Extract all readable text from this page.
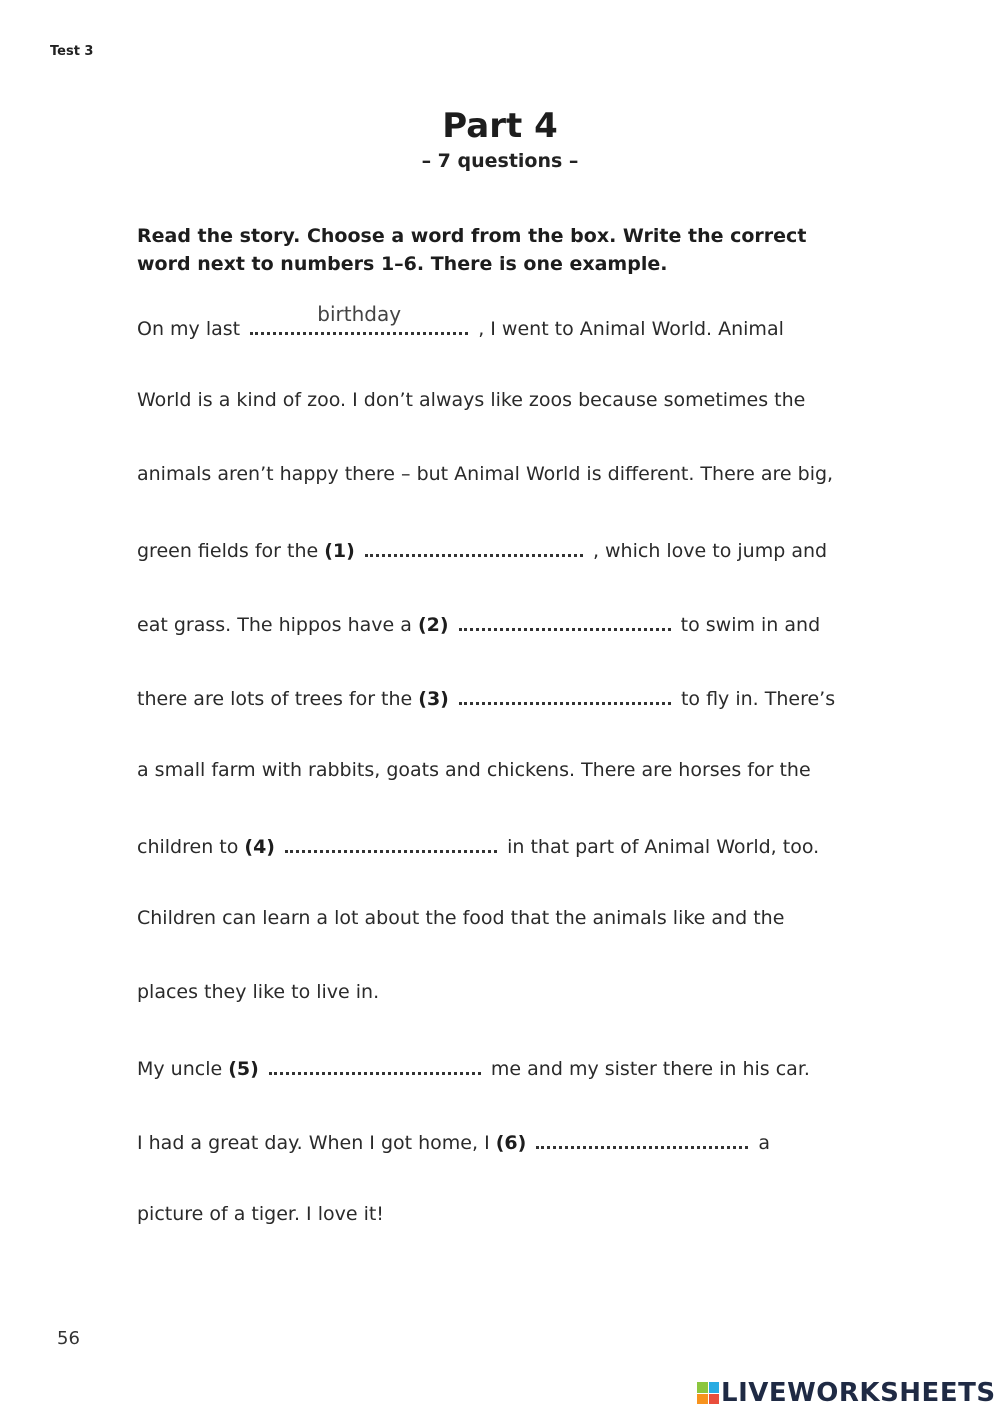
Test 3
Part 4
– 7 questions –
Read the story. Choose a word from the box. Write the correct word next to numbers 1–6. There is one example.
On my last
birthday
, I went to Animal World. Animal
World is a kind of zoo. I don’t always like zoos because sometimes the
animals aren’t happy there – but Animal World is different. There are big,
green fields for the (1)	, which love to jump and
eat grass. The hippos have a (2)	to swim in and
there are lots of trees for the (3)	to fly in. There’s
a small farm with rabbits, goats and chickens. There are horses for the
children to (4)	in that part of Animal World, too.
Children can learn a lot about the food that the animals like and the
places they like to live in.
My uncle (5)	me and my sister there in his car.
I had a great day. When I got home, I (6)	a
picture of a tiger. I love it!
56
LIVEWORKSHEETS
